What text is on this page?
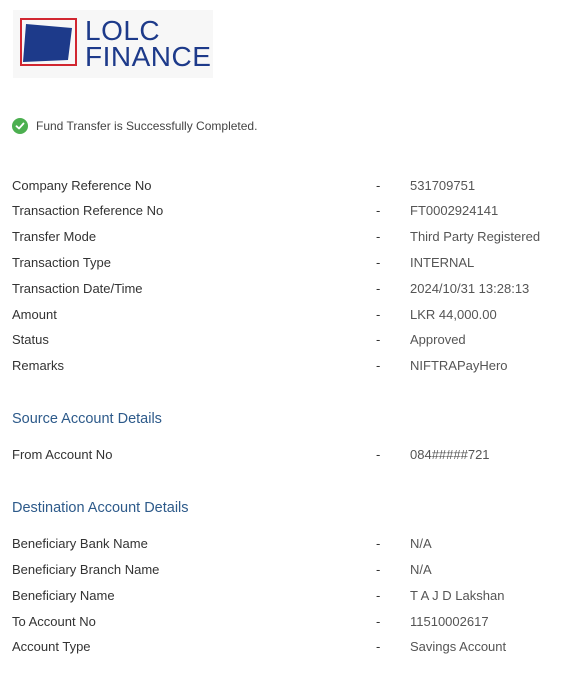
LOLC
FINANCE
Fund Transfer is Successfully Completed.
Company Reference No	- 531709751
Transaction Reference No	- FT0002924141
Transfer Mode	- Third Party Registered
Transaction Type	- INTERNAL
Transaction Date/Time	- 2024/10/31 13:28:13
Amount	- LKR 44,000.00
Status	- Approved
Remarks	- NIFTRAPayHero
Source Account Details
From Account No	- 084#####721
Destination Account Details
Beneficiary Bank Name	- N/A
Beneficiary Branch Name	- N/A
Beneficiary Name	- T A J D Lakshan
To Account No	- 11510002617
Account Type	- Savings Account
